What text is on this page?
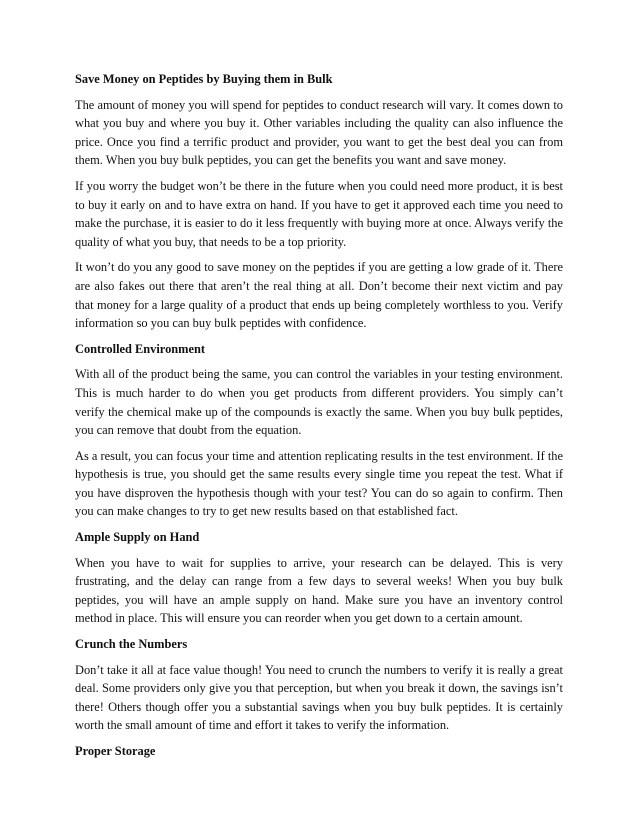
Save Money on Peptides by Buying them in Bulk
The amount of money you will spend for peptides to conduct research will vary. It comes down to what you buy and where you buy it. Other variables including the quality can also influence the price. Once you find a terrific product and provider, you want to get the best deal you can from them. When you buy bulk peptides, you can get the benefits you want and save money.
If you worry the budget won’t be there in the future when you could need more product, it is best to buy it early on and to have extra on hand. If you have to get it approved each time you need to make the purchase, it is easier to do it less frequently with buying more at once. Always verify the quality of what you buy, that needs to be a top priority.
It won’t do you any good to save money on the peptides if you are getting a low grade of it. There are also fakes out there that aren’t the real thing at all. Don’t become their next victim and pay that money for a large quality of a product that ends up being completely worthless to you. Verify information so you can buy bulk peptides with confidence.
Controlled Environment
With all of the product being the same, you can control the variables in your testing environment. This is much harder to do when you get products from different providers. You simply can’t verify the chemical make up of the compounds is exactly the same. When you buy bulk peptides, you can remove that doubt from the equation.
As a result, you can focus your time and attention replicating results in the test environment. If the hypothesis is true, you should get the same results every single time you repeat the test. What if you have disproven the hypothesis though with your test? You can do so again to confirm. Then you can make changes to try to get new results based on that established fact.
Ample Supply on Hand
When you have to wait for supplies to arrive, your research can be delayed. This is very frustrating, and the delay can range from a few days to several weeks! When you buy bulk peptides, you will have an ample supply on hand. Make sure you have an inventory control method in place. This will ensure you can reorder when you get down to a certain amount.
Crunch the Numbers
Don’t take it all at face value though! You need to crunch the numbers to verify it is really a great deal. Some providers only give you that perception, but when you break it down, the savings isn’t there! Others though offer you a substantial savings when you buy bulk peptides. It is certainly worth the small amount of time and effort it takes to verify the information.
Proper Storage
